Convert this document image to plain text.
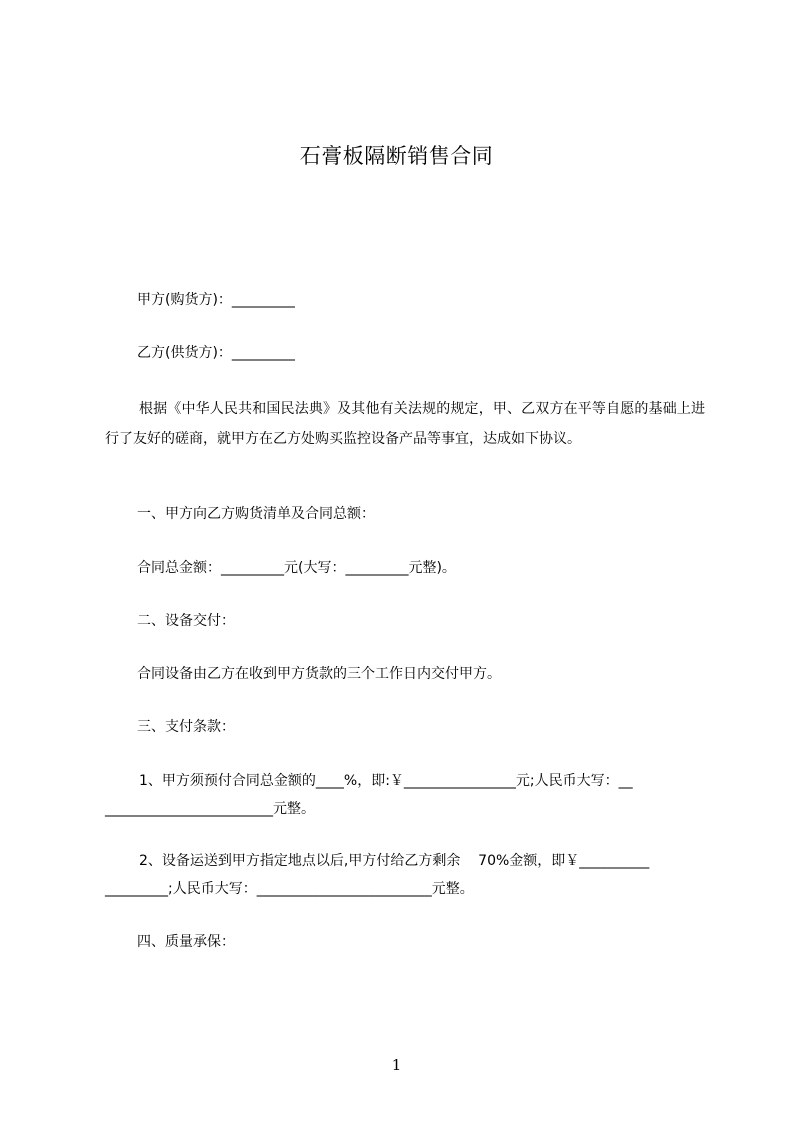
石膏板隔断销售合同
甲方(购货方)：_________
乙方(供货方)：_________
根据《中华人民共和国民法典》及其他有关法规的规定，甲、乙双方在平等自愿的基础上进行了友好的磋商，就甲方在乙方处购买监控设备产品等事宜，达成如下协议。
一、甲方向乙方购货清单及合同总额：
合同总金额：_________元(大写：_________元整)。
二、设备交付：
合同设备由乙方在收到甲方货款的三个工作日内交付甲方。
三、支付条款：
1、甲方须预付合同总金额的____%，即:￥________________元;人民币大写：__
________________________元整。
2、设备运送到甲方指定地点以后,甲方付给乙方剩余    70%金额，即￥__________
_________;人民币大写：_________________________元整。
四、质量承保：
1
